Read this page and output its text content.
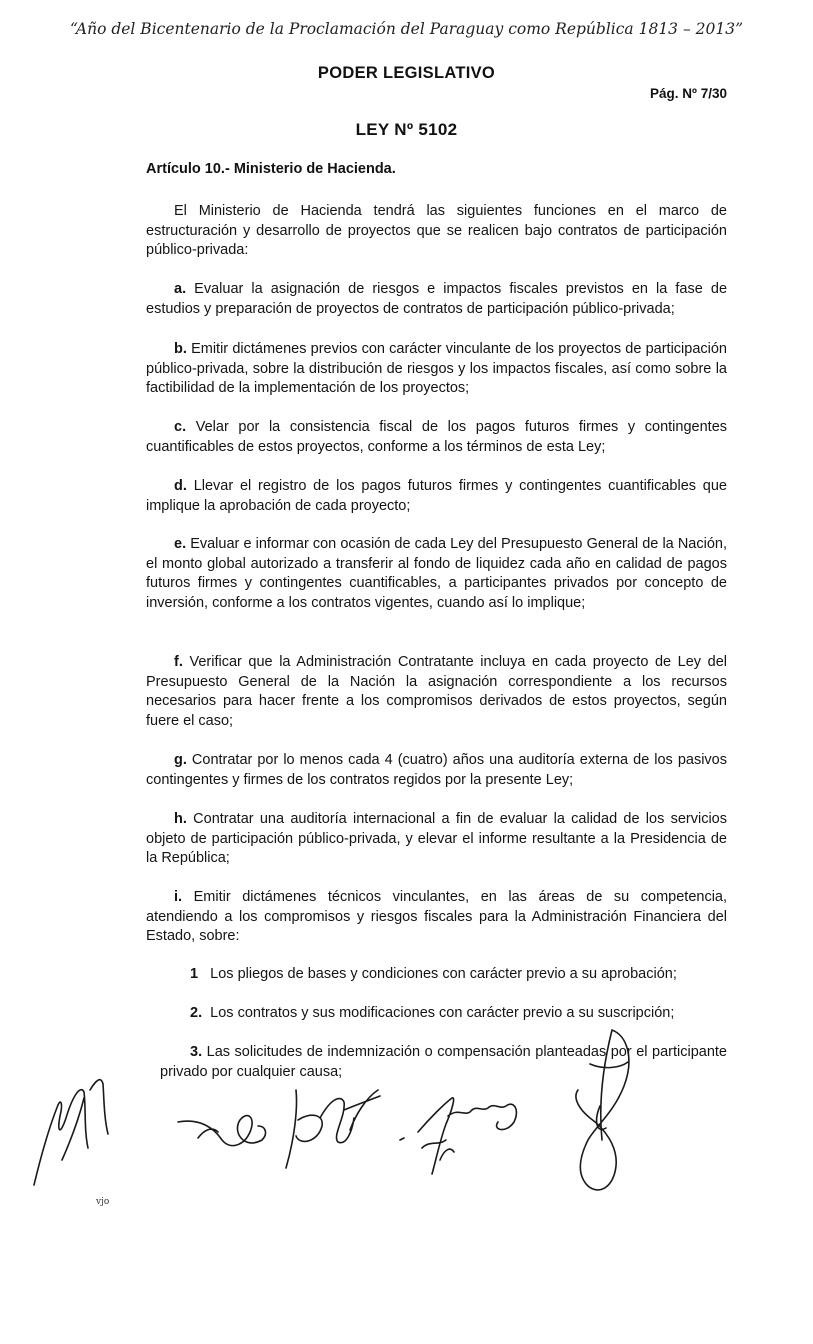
“Año del Bicentenario de la Proclamación del Paraguay como República 1813 – 2013”
PODER LEGISLATIVO
Pág. Nº 7/30
LEY Nº 5102
Artículo 10.- Ministerio de Hacienda.
El Ministerio de Hacienda tendrá las siguientes funciones en el marco de estructuración y desarrollo de proyectos que se realicen bajo contratos de participación público-privada:
a. Evaluar la asignación de riesgos e impactos fiscales previstos en la fase de estudios y preparación de proyectos de contratos de participación público-privada;
b. Emitir dictámenes previos con carácter vinculante de los proyectos de participación público-privada, sobre la distribución de riesgos y los impactos fiscales, así como sobre la factibilidad de la implementación de los proyectos;
c. Velar por la consistencia fiscal de los pagos futuros firmes y contingentes cuantificables de estos proyectos, conforme a los términos de esta Ley;
d. Llevar el registro de los pagos futuros firmes y contingentes cuantificables que implique la aprobación de cada proyecto;
e. Evaluar e informar con ocasión de cada Ley del Presupuesto General de la Nación, el monto global autorizado a transferir al fondo de liquidez cada año en calidad de pagos futuros firmes y contingentes cuantificables, a participantes privados por concepto de inversión, conforme a los contratos vigentes, cuando así lo implique;
f. Verificar que la Administración Contratante incluya en cada proyecto de Ley del Presupuesto General de la Nación la asignación correspondiente a los recursos necesarios para hacer frente a los compromisos derivados de estos proyectos, según fuere el caso;
g. Contratar por lo menos cada 4 (cuatro) años una auditoría externa de los pasivos contingentes y firmes de los contratos regidos por la presente Ley;
h. Contratar una auditoría internacional a fin de evaluar la calidad de los servicios objeto de participación público-privada, y elevar el informe resultante a la Presidencia de la República;
i. Emitir dictámenes técnicos vinculantes, en las áreas de su competencia, atendiendo a los compromisos y riesgos fiscales para la Administración Financiera del Estado, sobre:
1 Los pliegos de bases y condiciones con carácter previo a su aprobación;
2. Los contratos y sus modificaciones con carácter previo a su suscripción;
3. Las solicitudes de indemnización o compensación planteadas por el participante privado por cualquier causa;
vjo
